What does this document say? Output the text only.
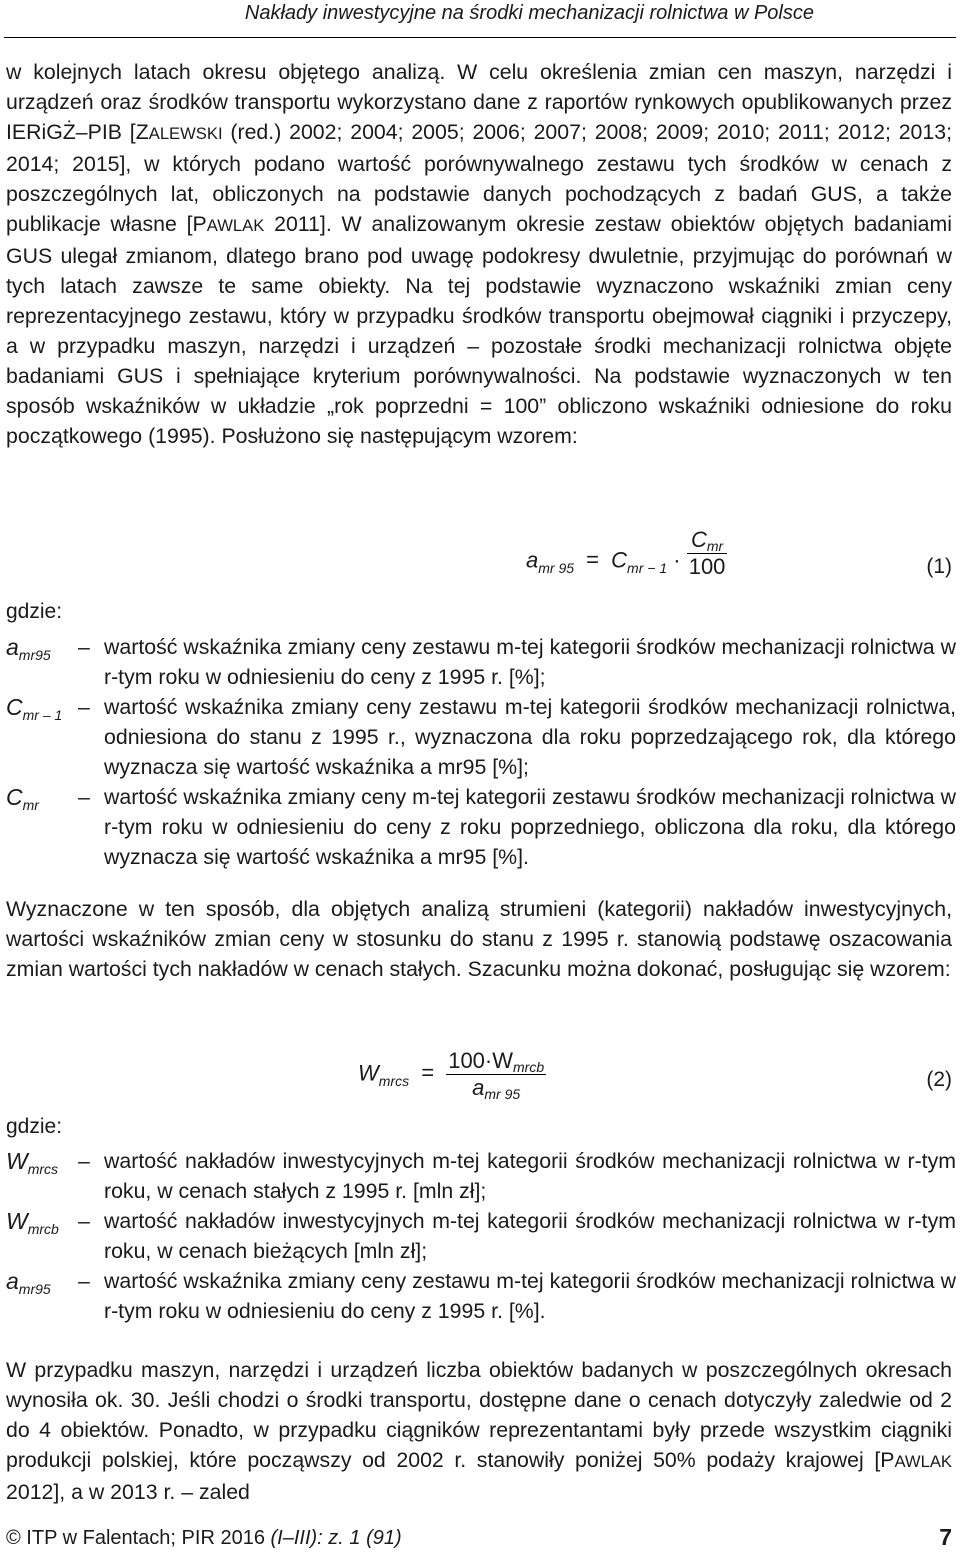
Nakłady inwestycyjne na środki mechanizacji rolnictwa w Polsce

w kolejnych latach okresu objętego analizą. W celu określenia zmian cen maszyn, narzędzi i urządzeń oraz środków transportu wykorzystano dane z raportów rynkowych opublikowanych przez IERiGŻ–PIB [ZALEWSKI (red.) 2002; 2004; 2005; 2006; 2007; 2008; 2009; 2010; 2011; 2012; 2013; 2014; 2015], w których podano wartość porównywalnego zestawu tych środków w cenach z poszczególnych lat, obliczonych na podstawie danych pochodzących z badań GUS, a także publikacje własne [PAWLAK 2011]. W analizowanym okresie zestaw obiektów objętych badaniami GUS ulegał zmianom, dlatego brano pod uwagę podokresy dwuletnie, przyjmując do porównań w tych latach zawsze te same obiekty. Na tej podstawie wyznaczono wskaźniki zmian ceny reprezentacyjnego zestawu, który w przypadku środków transportu obejmował ciągniki i przyczepy, a w przypadku maszyn, narzędzi i urządzeń – pozostałe środki mechanizacji rolnictwa objęte badaniami GUS i spełniające kryterium porównywalności. Na podstawie wyznaczonych w ten sposób wskaźników w układzie „rok poprzedni = 100” obliczono wskaźniki odniesione do roku początkowego (1995). Posłużono się następującym wzorem:

$a_{mr 95} = C_{mr - 1} \cdot \frac{\text{Cmr}}{100}$	(1)
gdzie:
$a_{mr95}$ – wartość wskaźnika zmiany ceny zestawu m-tej kategorii środków mechanizacji rolnictwa w r-tym roku w odniesieniu do ceny z 1995 r. [%];
$C_{mr - 1}$ – wartość wskaźnika zmiany ceny zestawu m-tej kategorii środków mechanizacji rolnictwa, odniesiona do stanu z 1995 r., wyznaczona dla roku poprzedzającego rok, dla którego wyznacza się wartość wskaźnika a mr95 [%];
$C_{mr}$ – wartość wskaźnika zmiany ceny m-tej kategorii zestawu środków mechanizacji rolnictwa w r-tym roku w odniesieniu do ceny z roku poprzedniego, obliczona dla roku, dla którego wyznacza się wartość wskaźnika a mr95 [%].

Wyznaczone w ten sposób, dla objętych analizą strumieni (kategorii) nakładów inwestycyjnych, wartości wskaźników zmian ceny w stosunku do stanu z 1995 r. stanowią podstawę oszacowania zmian wartości tych nakładów w cenach stałych. Szacunku można dokonać, posługując się wzorem:

$W_{mrcs} = \frac{\text{100·Wmrcb}}{\text{amr 95}}$	(2)
gdzie:
$W_{mrcs}$ – wartość nakładów inwestycyjnych m-tej kategorii środków mechanizacji rolnictwa w r-tym roku, w cenach stałych z 1995 r. [mln zł];
$W_{mrcb}$ – wartość nakładów inwestycyjnych m-tej kategorii środków mechanizacji rolnictwa w r-tym roku, w cenach bieżących [mln zł];
$a_{mr95}$ – wartość wskaźnika zmiany ceny zestawu m-tej kategorii środków mechanizacji rolnictwa w r-tym roku w odniesieniu do ceny z 1995 r. [%].

W przypadku maszyn, narzędzi i urządzeń liczba obiektów badanych w poszczególnych okresach wynosiła ok. 30. Jeśli chodzi o środki transportu, dostępne dane o cenach dotyczyły zaledwie od 2 do 4 obiektów. Ponadto, w przypadku ciągników reprezentantami były przede wszystkim ciągniki produkcji polskiej, które począwszy od 2002 r. stanowiły poniżej 50% podaży krajowej [PAWLAK 2012], a w 2013 r. – zaled

© ITP w Falentach; PIR 2016 (I–III): z. 1 (91)	7
